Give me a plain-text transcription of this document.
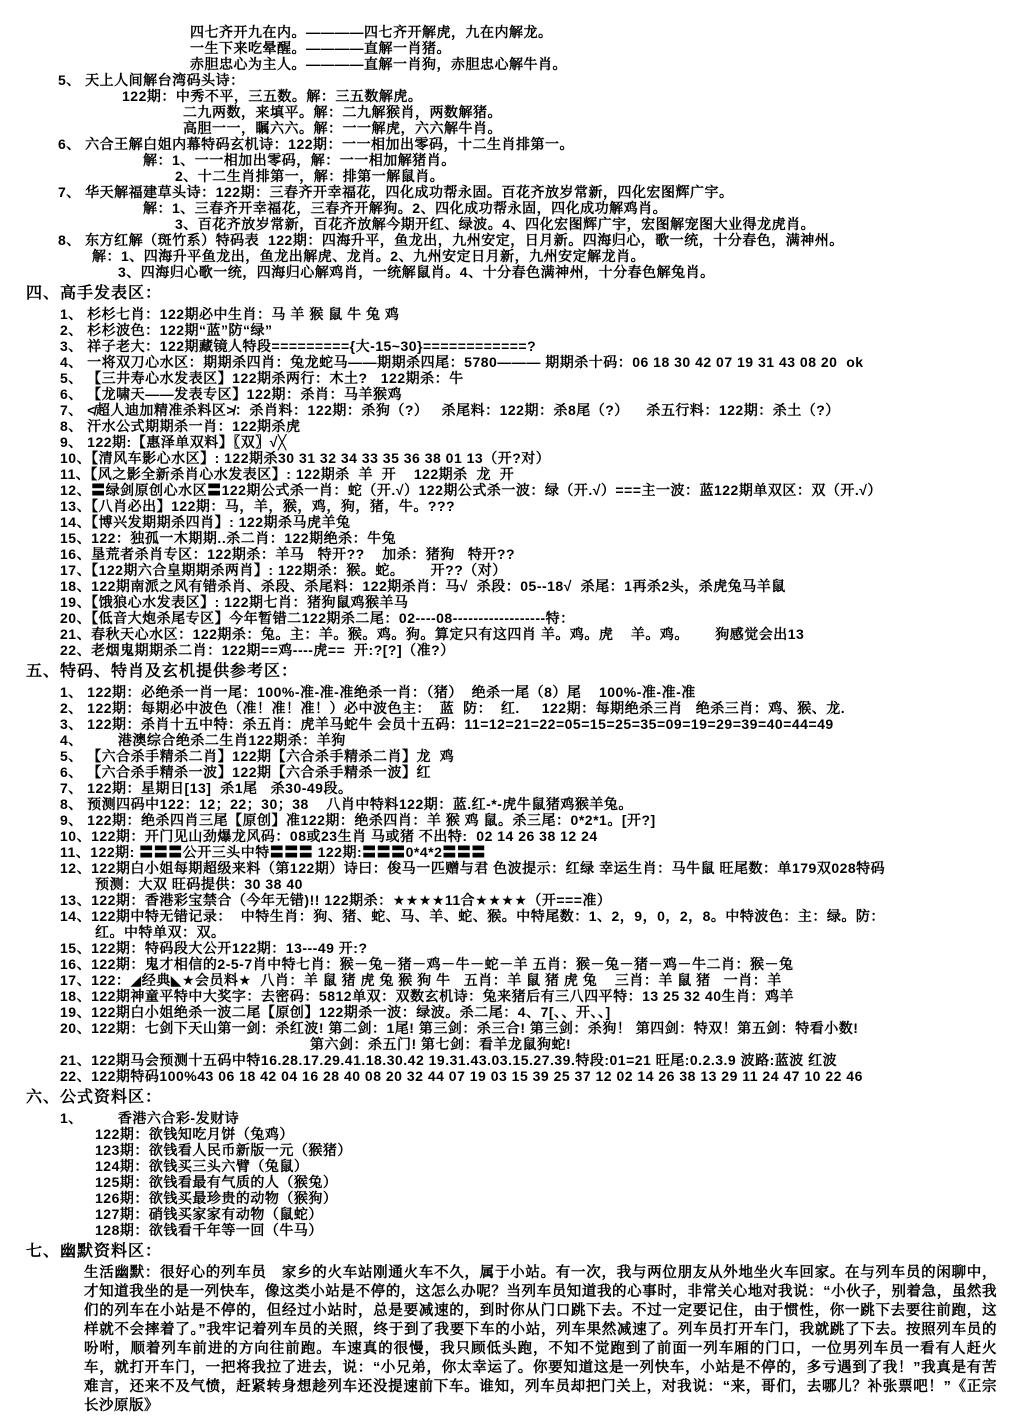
四七齐开九在内。————四七齐开解虎，九在内解龙。
一生下来吃晕醒。————直解一肖猪。
赤胆忠心为主人。————直解一肖狗，赤胆忠心解牛肖。
5、 天上人间解台湾码头诗：
122期：中秀不平，三五数。解：三五数解虎。
二九两数，来填平。解：二九解猴肖，两数解猪。
高胆一一，瞩六六。解：一一解虎，六六解牛肖。
6、 六合王解白姐内幕特码玄机诗：122期：一一相加出零码，十二生肖排第一。
解：1、一一相加出零码，解：一一相加解猪肖。
2、十二生肖排第一，解：排第一解鼠肖。
7、 华天解福建草头诗：122期：三春齐开幸福花，四化成功帮永固。百花齐放岁常新，四化宏图辉广宇。
解：1、三春齐开幸福花，三春齐开解狗。2、四化成功帮永固，四化成功解鸡肖。
3、百花齐放岁常新，百花齐放解今期开红、绿波。4、四化宏图辉广宇，宏图解宠图大业得龙虎肖。
8、 东方红解（斑竹系）特码表  122期：四海升平，鱼龙出，九州安定，日月新。四海归心，歌一统，十分春色，满神州。
解：1、四海升平鱼龙出，鱼龙出解虎、龙肖。2、九州安定日月新，九州安定解龙肖。
3、四海归心歌一统，四海归心解鸡肖，一统解鼠肖。4、十分春色满神州，十分春色解兔肖。
四、高手发表区：
1、 杉杉七肖：122期必中生肖：马 羊 猴 鼠 牛 兔 鸡
2、 杉杉波色：122期“蓝”防“绿”
3、 祥子老大：122期藏镜人特段========={大-15~30}============?
4、 一将双刀心水区：期期杀四肖：兔龙蛇马——期期杀四尾：5780——— 期期杀十码：06 18 30 42 07 19 31 43 08 20  ok
5、 【三井寿心水发表区】122期杀两行：木土?   122期杀：牛
6、 【龙啸天——发表专区】122期：杀肖：马羊猴鸡
7、 ≮超人迪加精准杀料区≯：杀肖料：122期：杀狗（?）   杀尾料：122期：杀8尾（?）    杀五行料：122期：杀土（?）
8、 汗水公式期期杀一肖：122期杀虎
9、 122期:【惠泽单双料】〖双〗√╳
10、【清风车影心水区】: 122期杀30 31 32 34 33 35 36 38 01 13（开?对）
11、【风之影全新杀肖心水发表区】: 122期杀  羊  开    122期杀  龙  开
12、〓绿剑原创心水区〓122期公式杀一肖：蛇（开.√）122期公式杀一波：绿（开.√）===主一波：蓝122期单双区：双（开.√）
13、【八肖必出】122期：马，羊，猴，鸡，狗，猪，牛。???
14、【博兴发期期杀四肖】: 122期杀马虎羊兔
15、122：独孤一木期期..杀二肖：122期绝杀：牛兔
16、垦荒者杀肖专区：122期杀：羊马   特开??    加杀：猪狗   特开??
17、【122期六合皇期期杀两肖】: 122期杀：猴。蛇。      开??（对）
18、122期南派之风有错杀肖、杀段、杀尾料：122期杀肖：马√  杀段：05--18√  杀尾：1再杀2头，杀虎兔马羊鼠
19、【饿狼心水发表区】: 122期七肖：猪狗鼠鸡猴羊马
20、【低音大炮杀尾专区】今年暂错二122期杀二尾：02----08------------------特：
21、春秋天心水区：122期杀：兔。主：羊。猴。鸡。狗。算定只有这四肖 羊。鸡。虎    羊。鸡。      狗感觉会出13
22、老烟鬼期期杀二肖：122期==鸡----虎==  开:?[?]（准?）
五、特码、特肖及玄机提供参考区：
1、 122期：必绝杀一肖一尾：100%-准-准-准绝杀一肖：（猪）  绝杀一尾（8）尾    100%-准-准-准
2、 122期：每期必中波色（准！准！准！）必中波色主：  蓝  防：  红.     122期：每期绝杀三肖   绝杀三肖：鸡、猴、龙.
3、 122期：杀肖十五中特：杀五肖：虎羊马蛇牛 会员十五码：11=12=21=22=05=15=25=35=09=19=29=39=40=44=49
4、        港澳综合绝杀二生肖122期杀：羊狗
5、 【六合杀手精杀二肖】122期【六合杀手精杀二肖】龙  鸡
6、 【六合杀手精杀一波】122期【六合杀手精杀一波】红
7、 122期：星期日[13]  杀1尾   杀30-49段。
8、 预测四码中122：12；22；30；38    八肖中特料122期：蓝.红-*-虎牛鼠猪鸡猴羊兔。
9、 122期：绝杀四肖三尾【原创】准122期：绝杀四肖：羊 猴 鸡 鼠。杀三尾：0*2*1。[开?]
10、122期：开门见山劲爆龙风码：08或23生肖 马或猪 不出特:  02 14 26 38 12 24
11、122期: 〓〓〓公开三头中特〓〓〓 122期:〓〓〓0*4*2〓〓〓
12、122期白小姐每期超级来料（第122期）诗曰：俊马一匹赠与君 色波提示：红绿 幸运生肖：马牛鼠 旺尾数：单179双028特码
预测：大双 旺码提供：30 38 40
13、122期：香港彩宝禁合（今年无错)!! 122期杀：★★★★11合★★★★（开===准）
14、122期中特无错记录：  中特生肖：狗、猪、蛇、马、羊、蛇、猴。中特尾数：1、2，9，0，2，8。中特波色：主：绿。防：
红。中特单双：双。
15、122期：特码段大公开122期：13---49 开:?
16、122期：鬼才相信的2-5-7肖中特七肖：猴－兔－猪－鸡－牛－蛇－羊 五肖：猴－兔－猪－鸡－牛二肖：猴－兔
17、122：◢经典◣★会员料★  八肖：羊 鼠 猪 虎 兔 猴 狗 牛   五肖：羊 鼠 猪 虎 兔    三肖：羊 鼠 猪   一肖：羊
18、122期神童平特中大奖字：去密码：5812单双：双数玄机诗：兔来猪后有三八四平特：13 25 32 40生肖：鸡羊
19、122期白小姐绝杀一波二尾【原创】122期杀一波：绿波。杀二尾：4、7[、、开、、]
20、122期：七剑下天山第一剑：杀红波! 第二剑：1尾! 第三剑：杀三合! 第三剑：杀狗！ 第四剑：特双！第五剑：特看小数!
第六剑：杀五门! 第七剑：看羊龙鼠狗蛇!
21、122期马会预测十五码中特16.28.17.29.41.18.30.42 19.31.43.03.15.27.39.特段:01=21 旺尾:0.2.3.9 波路:蓝波 红波
22、122期特码100%43 06 18 42 04 16 28 40 08 20 32 44 07 19 03 15 39 25 37 12 02 14 26 38 13 29 11 24 47 10 22 46
六、公式资料区：
1、        香港六合彩-发财诗
122期：欲钱知吃月饼（兔鸡）
123期：欲钱看人民币新版一元（猴猪）
124期：欲钱买三头六臂（兔鼠）
125期：欲钱看最有气质的人（猴兔）
126期：欲钱买最珍贵的动物（猴狗）
127期：硝钱买家家有动物（鼠蛇）
128期：欲钱看千年等一回（牛马）
七、幽默资料区：
生活幽默：很好心的列车员　家乡的火车站刚通火车不久，属于小站。有一次，我与两位朋友从外地坐火车回家。在与列车员的闲聊中，才知道我坐的是一列快车，像这类小站是不停的，这怎么办呢？当列车员知道我的心事时，非常关心地对我说：“小伙子，别着急，虽然我们的列车在小站是不停的，但经过小站时，总是要减速的，到时你从门口跳下去。不过一定要记住，由于惯性，你一跳下去要往前跑，这样就不会摔着了。”我牢记着列车员的关照，终于到了我要下车的小站，列车果然减速了。列车员打开车门，我就跳了下去。按照列车员的吩咐，顺着列车前进的方向往前跑。车速真的很慢，我只顾低头跑，不知不觉跑到了前面一列车厢的门口，一位男列车员一看有人赶火车，就打开车门，一把将我拉了进去，说：“小兄弟，你太幸运了。你要知道这是一列快车，小站是不停的，多亏遇到了我！”我真是有苦难言，还来不及气愤，赶紧转身想趁列车还没提速前下车。谁知，列车员却把门关上，对我说：“来，哥们，去哪儿？补张票吧！”《正宗长沙原版》
